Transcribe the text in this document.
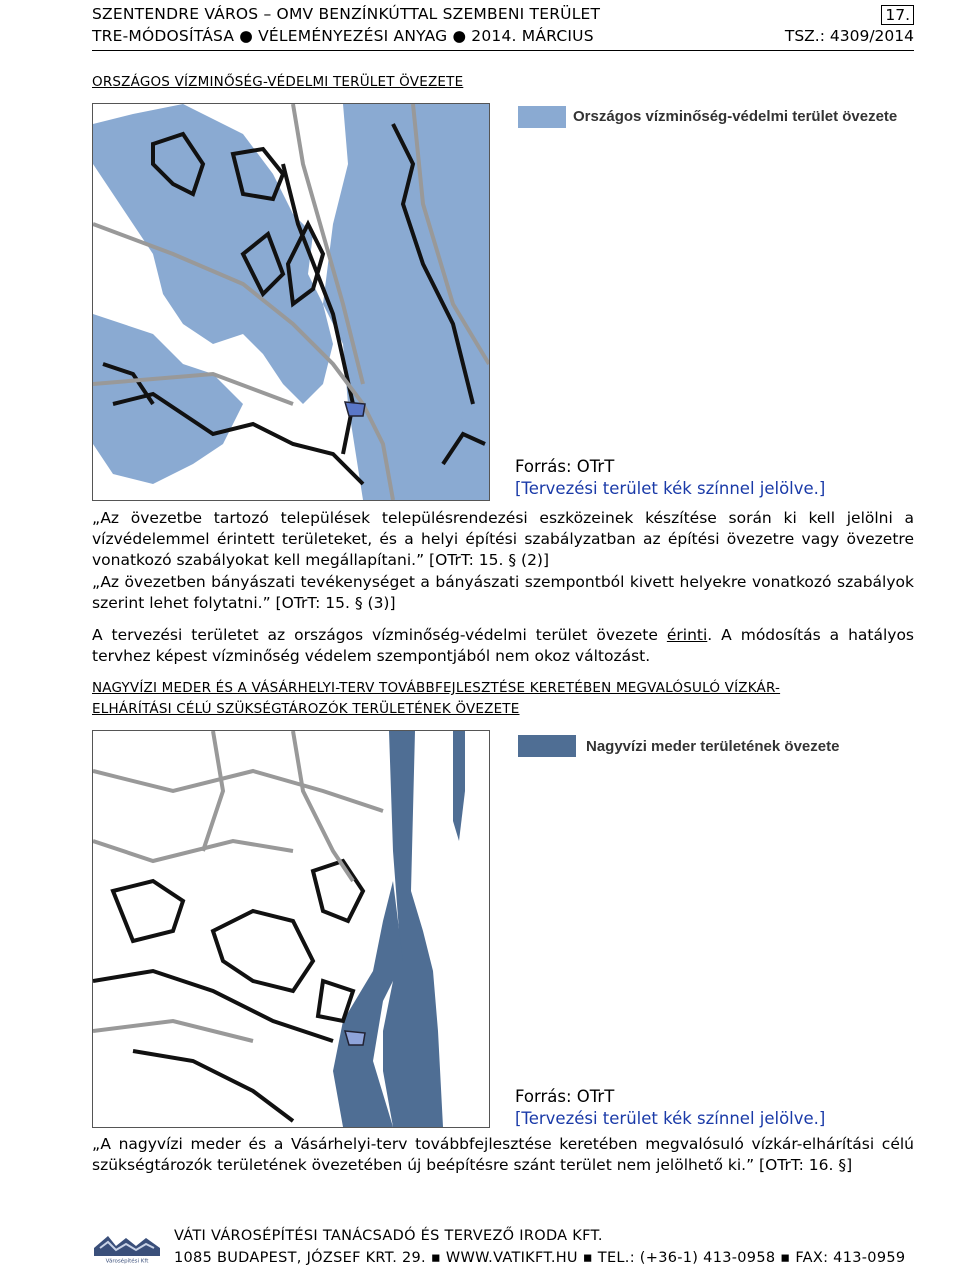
SZENTENDRE VÁROS – OMV BENZÍNKÚTTAL SZEMBENI TERÜLET	17.
TRE-MÓDOSÍTÁSA ● VÉLEMÉNYEZÉSI ANYAG ● 2014. MÁRCIUS	TSZ.: 4309/2014
ORSZÁGOS VÍZMINŐSÉG-VÉDELMI TERÜLET ÖVEZETE
Országos vízminőség-védelmi terület övezete
Forrás: OTrT
[Tervezési terület kék színnel jelölve.]

„Az övezetbe tartozó települések településrendezési eszközeinek készítése során ki kell jelölni a vízvédelemmel érintett területeket, és a helyi építési szabályzatban az építési övezetre vagy övezetre vonatkozó szabályokat kell megállapítani.” [OTrT: 15. § (2)]

„Az övezetben bányászati tevékenységet a bányászati szempontból kivett helyekre vonatkozó szabályok szerint lehet folytatni.” [OTrT: 15. § (3)]

A tervezési területet az országos vízminőség-védelmi terület övezete érinti. A módosítás a hatályos tervhez képest vízminőség védelem szempontjából nem okoz változást.

NAGYVÍZI MEDER ÉS A VÁSÁRHELYI-TERV TOVÁBBFEJLESZTÉSE KERETÉBEN MEGVALÓSULÓ VÍZKÁR-
ELHÁRÍTÁSI CÉLÚ SZÜKSÉGTÁROZÓK TERÜLETÉNEK ÖVEZETE
Nagyvízi meder területének övezete
Forrás: OTrT
[Tervezési terület kék színnel jelölve.]

„A nagyvízi meder és a Vásárhelyi-terv továbbfejlesztése keretében megvalósuló vízkár-elhárítási célú szükségtározók területének övezetében új beépítésre szánt terület nem jelölhető ki.” [OTrT: 16. §]

Városépítési Kft
VÁTI VÁROSÉPÍTÉSI TANÁCSADÓ ÉS TERVEZŐ IRODA KFT.
1085 BUDAPEST, JÓZSEF KRT. 29. ▪ WWW.VATIKFT.HU ▪ TEL.: (+36-1) 413-0958 ▪ FAX: 413-0959
